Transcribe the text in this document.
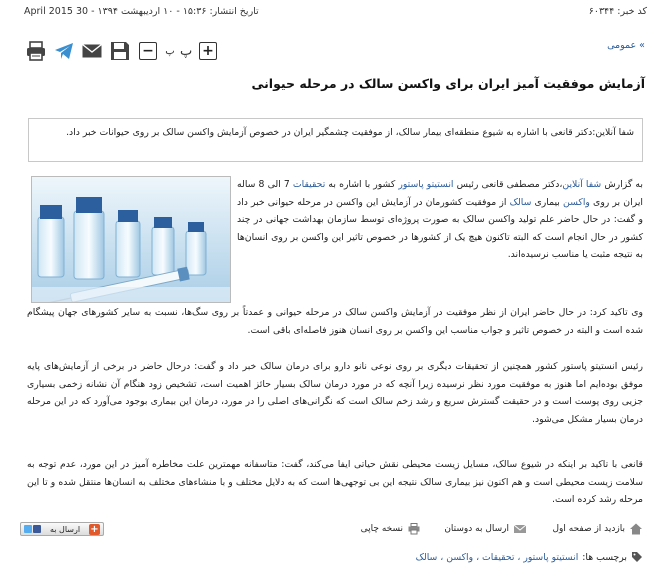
کد خبر: ۶۰۳۴۴
تاریخ انتشار: ۱۵:۳۶ - ۱۰ اردیبهشت ۱۳۹۴ - 30 April 2015
−	پ پ +	» عمومی
آزمایش موفقیت آمیز ایران برای واکسن سالک در مرحله حیوانی
شفا آنلاین:دکتر قانعی با اشاره به شیوع منطقه‌ای بیمار سالک، از موفقیت چشمگیر ایران در خصوص آزمایش واکسن سالک بر روی حیوانات خبر داد.
به گزارش شفا آنلاین،دکتر مصطفی قانعی رئیس انستیتو پاستور کشور با اشاره به تحقیقات 7 الی 8 ساله ایران بر روی واکسن بیماری سالک از موفقیت کشورمان در آزمایش این واکسن در مرحله حیوانی خبر داد و گفت: در حال حاضر علم تولید واکسن سالک به صورت پروژه‌ای توسط سازمان بهداشت جهانی در چند کشور در حال انجام است که البته تاکنون هیچ یک از کشورها در خصوص تاثیر این واکسن بر روی انسان‌ها به نتیجه مثبت یا مناسب نرسیده‌اند.
وی تاکید کرد: در حال حاضر ایران از نظر موفقیت در آزمایش واکسن سالک در مرحله حیوانی و عمدتاً بر روی سگ‌ها، نسبت به سایر کشورهای جهان پیشگام شده است و البته در خصوص تاثیر و جواب مناسب این واکسن بر روی انسان هنوز فاصله‌ای باقی است.
رئیس انستیتو پاستور کشور همچنین از تحقیقات دیگری بر روی نوعی نانو دارو برای درمان سالک خبر داد و گفت: درحال حاضر در برخی از آزمایش‌های پایه موفق بوده‌ایم اما هنوز به موفقیت مورد نظر نرسیده زیرا آنچه که در مورد درمان سالک بسیار حائز اهمیت است، تشخیص زود هنگام آن نشانه زخمی بسیاری جزیی روی پوست است و در حقیقت گسترش سریع و رشد زخم سالک است که نگرانی‌های اصلی را در مورد، درمان این بیماری بوجود می‌آورد که در این مرحله درمان بسیار مشکل می‌شود.
قانعی با تاکید بر اینکه در شیوع سالک، مسایل زیست محیطی نقش حیاتی ایفا می‌کند، گفت: متاسفانه مهمترین علت مخاطره آمیز در این مورد، عدم توجه به سلامت زیست محیطی است و هم اکنون نیز بیماری سالک نتیجه این بی توجهی‌ها است که به دلایل مختلف و با منشاءهای مختلف به انسان‌ها منتقل شده و تا این مرحله رشد کرده است.
بازدید از صفحه اول
ارسال به دوستان
نسخه چاپی
+
ارسال به
برچسب ها:
انستیتو پاستور ، تحقیقات ، واکسن ، سالک
